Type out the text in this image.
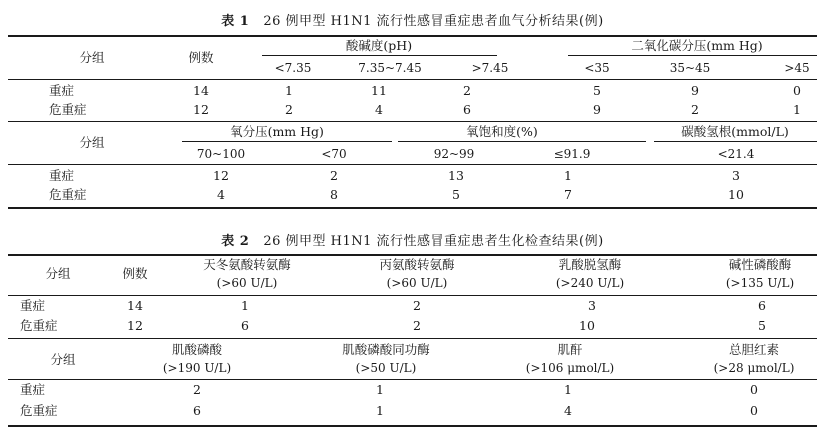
表 1 26 例甲型 H1N1 流行性感冒重症患者血气分析结果(例)
分组	例数
酸碱度(pH)	二氧化碳分压(mm Hg)
<7.35	7.35~7.45	>7.45	<35	35~45	>45
重症	14	1	11	2	5	9	0
危重症	12	2	4	6	9	2	1
分组
氧分压(mm Hg)	氧饱和度(%)	碳酸氢根(mmol/L)
70~100	<70	92~99	≤91.9	<21.4
重症	12	2	13	1	3
危重症	4	8	5	7	10
表 2 26 例甲型 H1N1 流行性感冒重症患者生化检查结果(例)
分组	例数
天冬氨酸转氨酶
(>60 U/L)
丙氨酸转氨酶
(>60 U/L)
乳酸脱氢酶
(>240 U/L)
碱性磷酸酶
(>135 U/L)
重症	14	1	2	3	6
危重症	12	6	2	10	5
分组
肌酸磷酸
(>190 U/L)
肌酸磷酸同功酶
(>50 U/L)
肌酐
(>106 μmol/L)
总胆红素
(>28 μmol/L)
重症	2	1	1	0
危重症	6	1	4	0
